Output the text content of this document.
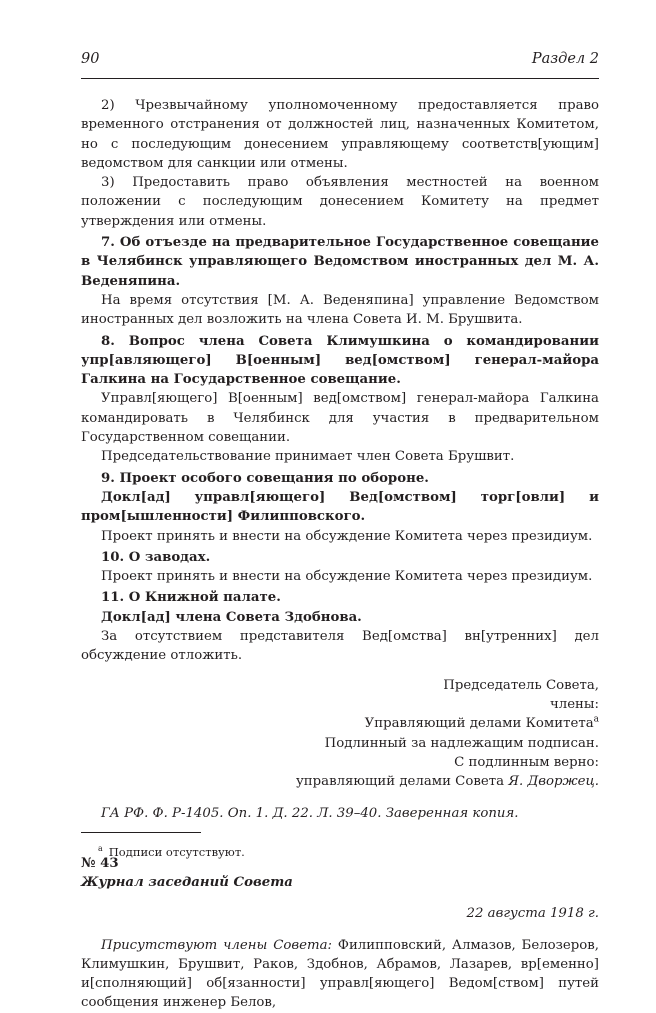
90	Раздел 2

2) Чрезвычайному уполномоченному предоставляется право временного отстранения от должностей лиц, назначенных Комитетом, но с последующим донесением управляющему соответств[ующим] ведомством для санкции или отмены.

3) Предоставить право объявления местностей на военном положении с последующим донесением Комитету на предмет утверждения или отмены.

7. Об отъезде на предварительное Государственное совещание в Челябинск управляющего Ведомством иностранных дел М. А. Веденяпина.

На время отсутствия [М. А. Веденяпина] управление Ведомством иностранных дел возложить на члена Совета И. М. Брушвита.

8. Вопрос члена Совета Климушкина о командировании упр[авляющего] В[оенным] вед[омством] генерал-майора Галкина на Государственное совещание.

Управл[яющего] В[оенным] вед[омством] генерал-майора Галкина командировать в Челябинск для участия в предварительном Государственном совещании.

Председательствование принимает член Совета Брушвит.

9. Проект особого совещания по обороне.

Докл[ад] управл[яющего] Вед[омством] торг[овли] и пром[ышленности] Филипповского.

Проект принять и внести на обсуждение Комитета через президиум.

10. О заводах.

Проект принять и внести на обсуждение Комитета через президиум.

11. О Книжной палате.

Докл[ад] члена Совета Здобнова.

За отсутствием представителя Вед[омства] вн[утренних] дел обсуждение отложить.

Председатель Совета,

члены:

Управляющий делами Комитета$^а$

Подлинный за надлежащим подписан.

С подлинным верно:

управляющий делами Совета Я. Дворжец.

ГА РФ. Ф. Р-1405. Оп. 1. Д. 22. Л. 39–40. Заверенная копия.

№ 43

Журнал заседаний Совета

22 августа 1918 г.

Присутствуют члены Совета: Филипповский, Алмазов, Белозеров, Климушкин, Брушвит, Раков, Здобнов, Абрамов, Лазарев, вр[еменно] и[сполняющий] об[язанности] управл[яющего] Ведом[ством] путей сообщения инженер Белов,

$^а$ Подписи отсутствуют.
